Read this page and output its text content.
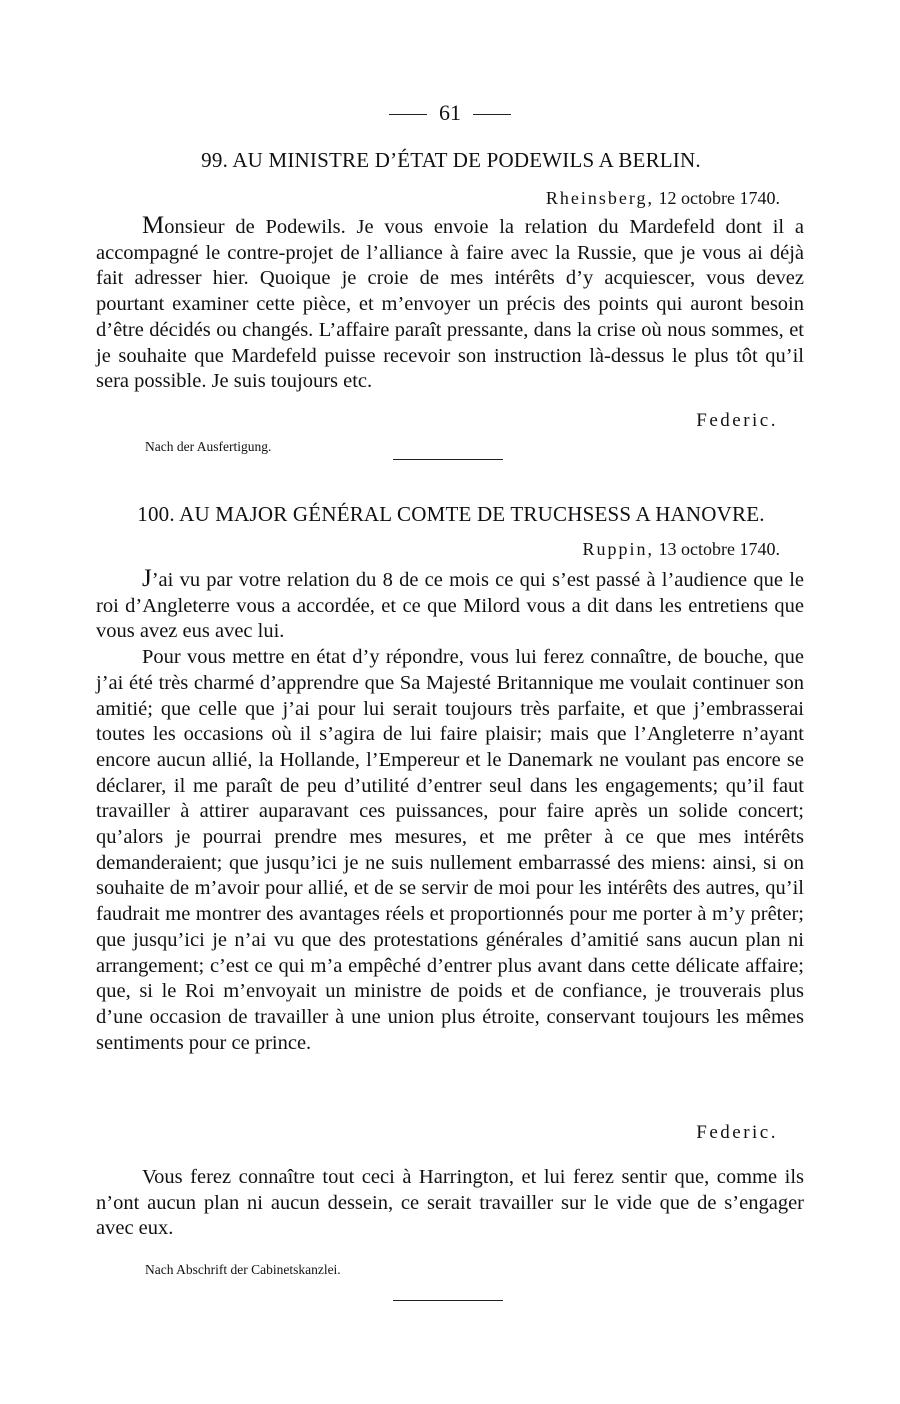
61
99. AU MINISTRE D’ÉTAT DE PODEWILS A BERLIN.
Rheinsberg, 12 octobre 1740.

Monsieur de Podewils. Je vous envoie la relation du Mardefeld dont il a accompagné le contre-projet de l’alliance à faire avec la Russie, que je vous ai déjà fait adresser hier. Quoique je croie de mes intérêts d’y acquiescer, vous devez pourtant examiner cette pièce, et m’envoyer un précis des points qui auront besoin d’être décidés ou changés. L’affaire paraît pressante, dans la crise où nous sommes, et je souhaite que Mardefeld puisse recevoir son instruction là-dessus le plus tôt qu’il sera possible. Je suis toujours etc.

Federic.
Nach der Ausfertigung.
100. AU MAJOR GÉNÉRAL COMTE DE TRUCHSESS A HANOVRE.
Ruppin, 13 octobre 1740.

J’ai vu par votre relation du 8 de ce mois ce qui s’est passé à l’audience que le roi d’Angleterre vous a accordée, et ce que Milord vous a dit dans les entretiens que vous avez eus avec lui.

Pour vous mettre en état d’y répondre, vous lui ferez connaître, de bouche, que j’ai été très charmé d’apprendre que Sa Majesté Britannique me voulait continuer son amitié; que celle que j’ai pour lui serait toujours très parfaite, et que j’embrasserai toutes les occasions où il s’agira de lui faire plaisir; mais que l’Angleterre n’ayant encore aucun allié, la Hollande, l’Empereur et le Danemark ne voulant pas encore se déclarer, il me paraît de peu d’utilité d’entrer seul dans les engagements; qu’il faut travailler à attirer auparavant ces puissances, pour faire après un solide concert; qu’alors je pourrai prendre mes mesures, et me prêter à ce que mes intérêts demanderaient; que jusqu’ici je ne suis nullement embarrassé des miens: ainsi, si on souhaite de m’avoir pour allié, et de se servir de moi pour les intérêts des autres, qu’il faudrait me montrer des avantages réels et proportionnés pour me porter à m’y prêter; que jusqu’ici je n’ai vu que des protestations générales d’amitié sans aucun plan ni arrangement; c’est ce qui m’a empêché d’entrer plus avant dans cette délicate affaire; que, si le Roi m’envoyait un ministre de poids et de confiance, je trouverais plus d’une occasion de travailler à une union plus étroite, conservant toujours les mêmes sentiments pour ce prince.

Federic.

Vous ferez connaître tout ceci à Harrington, et lui ferez sentir que, comme ils n’ont aucun plan ni aucun dessein, ce serait travailler sur le vide que de s’engager avec eux.

Nach Abschrift der Cabinetskanzlei.
